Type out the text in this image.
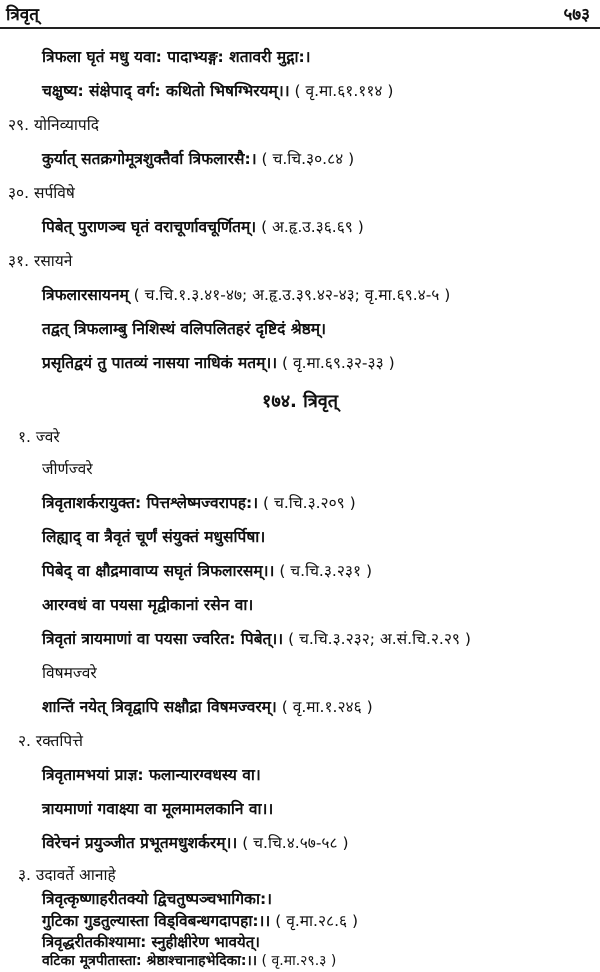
त्रिवृत्	५७३
त्रिफला घृतं मधु यवा: पादाभ्यङ्ग: शतावरी मुद्गा:।
चक्षुष्य: संक्षेपाद् वर्ग: कथितो भिषग्भिरयम्।। ( वृ.मा.६१.११४ )
२९. योनिव्यापदि
कुर्यात् सतक्रगोमूत्रशुक्तैर्वा त्रिफलारसै:। ( च.चि.३०.८४ )
३०. सर्पविषे
पिबेत् पुराणञ्च घृतं वराचूर्णावचूर्णितम्। ( अ.हृ.उ.३६.६९ )
३१. रसायने
त्रिफलारसायनम् ( च.चि.१.३.४१-४७; अ.हृ.उ.३९.४२-४३; वृ.मा.६९.४-५ )
तद्वत् त्रिफलाम्बु निशिस्थं वलिपलितहरं दृष्टिदं श्रेष्ठम्।
प्रसृतिद्वयं तु पातव्यं नासया नाधिकं मतम्।। ( वृ.मा.६९.३२-३३ )
१७४. त्रिवृत्
१. ज्वरे
जीर्णज्वरे
त्रिवृताशर्करायुक्त: पित्तश्लेष्मज्वरापह:। ( च.चि.३.२०९ )
लिह्याद् वा त्रैवृतं चूर्णं संयुक्तं मधुसर्पिषा।
पिबेद् वा क्षौद्रमावाप्य सघृतं त्रिफलारसम्।। ( च.चि.३.२३१ )
आरग्वधं वा पयसा मृद्वीकानां रसेन वा।
त्रिवृतां त्रायमाणां वा पयसा ज्वरित: पिबेत्।। ( च.चि.३.२३२; अ.सं.चि.२.२९ )
विषमज्वरे
शान्तिं नयेत् त्रिवृद्वापि सक्षौद्रा विषमज्वरम्। ( वृ.मा.१.२४६ )
२. रक्तपित्ते
त्रिवृतामभयां प्राज्ञ: फलान्यारग्वधस्य वा।
त्रायमाणां गवाक्ष्या वा मूलमामलकानि वा।।
विरेचनं प्रयुञ्जीत प्रभूतमधुशर्करम्।। ( च.चि.४.५७-५८ )
३. उदावर्ते आनाहे
त्रिवृत्कृष्णाहरीतक्यो द्विचतुष्पञ्चभागिका:।
गुटिका गुडतुल्यास्ता विड्विबन्धगदापहा:।। ( वृ.मा.२८.६ )
त्रिवृद्धरीतकीश्यामा: स्नुहीक्षीरेण भावयेत्।
वटिका मूत्रपीतास्ता: श्रेष्ठाश्चानाहभेदिका:।। ( वृ.मा.२९.३ )
